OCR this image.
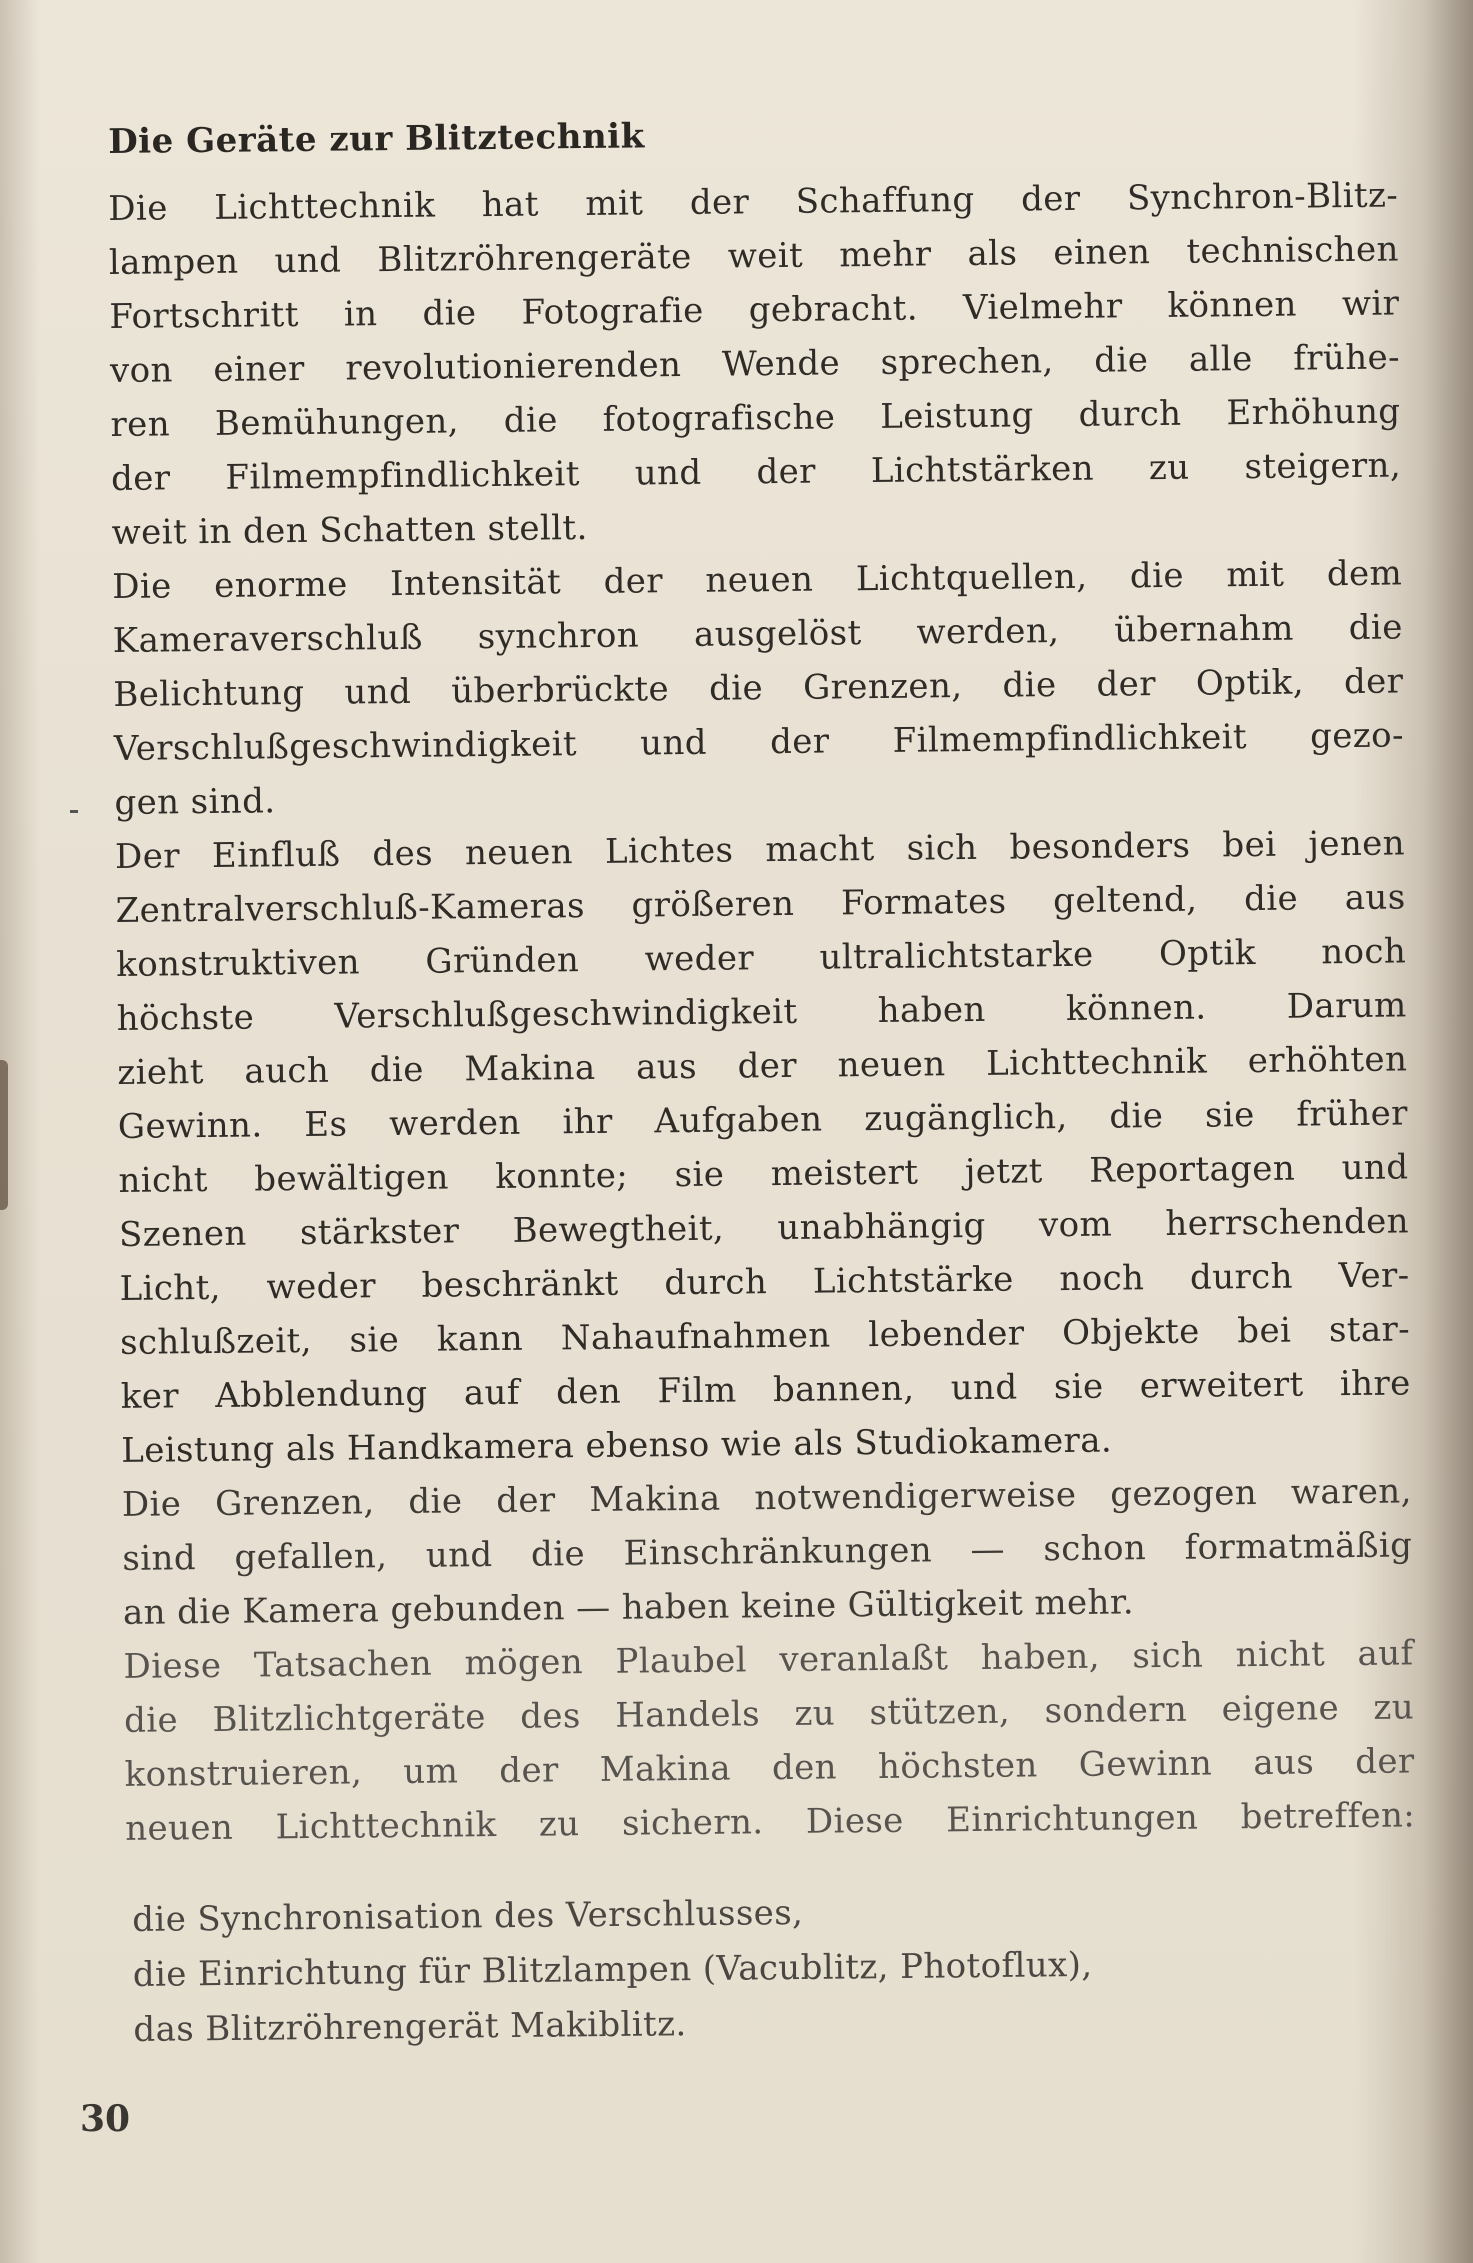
Die Geräte zur Blitztechnik
Die Lichttechnik hat mit der Schaffung der Synchron-Blitz-
lampen und Blitzröhrengeräte weit mehr als einen technischen
Fortschritt in die Fotografie gebracht. Vielmehr können wir
von einer revolutionierenden Wende sprechen, die alle frühe-
ren Bemühungen, die fotografische Leistung durch Erhöhung
der Filmempfindlichkeit und der Lichtstärken zu steigern,
weit in den Schatten stellt.
Die enorme Intensität der neuen Lichtquellen, die mit dem
Kameraverschluß synchron ausgelöst werden, übernahm die
Belichtung und überbrückte die Grenzen, die der Optik, der
Verschlußgeschwindigkeit und der Filmempfindlichkeit gezo-
gen sind.
Der Einfluß des neuen Lichtes macht sich besonders bei jenen
Zentralverschluß-Kameras größeren Formates geltend, die aus
konstruktiven Gründen weder ultralichtstarke Optik noch
höchste Verschlußgeschwindigkeit haben können. Darum
zieht auch die Makina aus der neuen Lichttechnik erhöhten
Gewinn. Es werden ihr Aufgaben zugänglich, die sie früher
nicht bewältigen konnte; sie meistert jetzt Reportagen und
Szenen stärkster Bewegtheit, unabhängig vom herrschenden
Licht, weder beschränkt durch Lichtstärke noch durch Ver-
schlußzeit, sie kann Nahaufnahmen lebender Objekte bei star-
ker Abblendung auf den Film bannen, und sie erweitert ihre
Leistung als Handkamera ebenso wie als Studiokamera.
Die Grenzen, die der Makina notwendigerweise gezogen waren,
sind gefallen, und die Einschränkungen — schon formatmäßig
an die Kamera gebunden — haben keine Gültigkeit mehr.
Diese Tatsachen mögen Plaubel veranlaßt haben, sich nicht auf
die Blitzlichtgeräte des Handels zu stützen, sondern eigene zu
konstruieren, um der Makina den höchsten Gewinn aus der
neuen Lichttechnik zu sichern. Diese Einrichtungen betreffen:
die Synchronisation des Verschlusses,
die Einrichtung für Blitzlampen (Vacublitz, Photoflux),
das Blitzröhrengerät Makiblitz.
30
